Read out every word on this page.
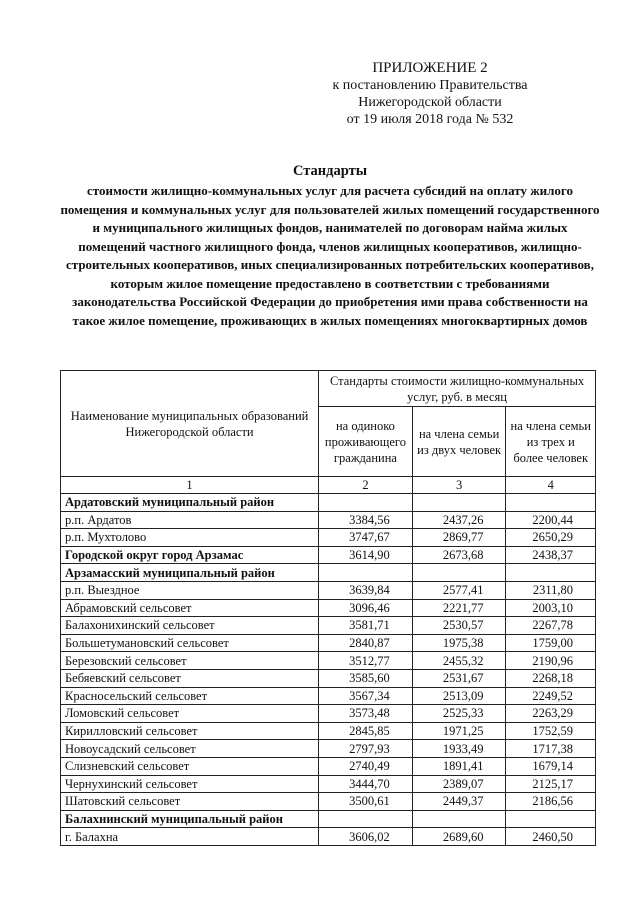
ПРИЛОЖЕНИЕ 2
к постановлению Правительства
Нижегородской области
от 19 июля 2018 года № 532
Стандарты
стоимости жилищно-коммунальных услуг для расчета субсидий на оплату жилого помещения и коммунальных услуг для пользователей жилых помещений государственного и муниципального жилищных фондов, нанимателей по договорам найма жилых помещений частного жилищного фонда, членов жилищных кооперативов, жилищно-строительных кооперативов, иных специализированных потребительских кооперативов, которым жилое помещение предоставлено в соответствии с требованиями законодательства Российской Федерации до приобретения ими права собственности на такое жилое помещение, проживающих в жилых помещениях многоквартирных домов
Наименование муниципальных образований Нижегородской области	Стандарты стоимости жилищно-коммунальных услуг, руб. в месяц		
	на одиноко проживающего гражданина	на члена семьи из двух человек	на члена семьи из трех и более человек
1	2	3	4
Ардатовский муниципальный район			
р.п. Ардатов	3384,56	2437,26	2200,44
р.п. Мухтолово	3747,67	2869,77	2650,29
Городской округ город Арзамас	3614,90	2673,68	2438,37
Арзамасский муниципальный район			
р.п. Выездное	3639,84	2577,41	2311,80
Абрамовский сельсовет	3096,46	2221,77	2003,10
Балахонихинский сельсовет	3581,71	2530,57	2267,78
Большетумановский сельсовет	2840,87	1975,38	1759,00
Березовский сельсовет	3512,77	2455,32	2190,96
Бебяевский сельсовет	3585,60	2531,67	2268,18
Красносельский сельсовет	3567,34	2513,09	2249,52
Ломовский сельсовет	3573,48	2525,33	2263,29
Кирилловский сельсовет	2845,85	1971,25	1752,59
Новоусадский сельсовет	2797,93	1933,49	1717,38
Слизневский сельсовет	2740,49	1891,41	1679,14
Чернухинский сельсовет	3444,70	2389,07	2125,17
Шатовский сельсовет	3500,61	2449,37	2186,56
Балахнинский муниципальный район			
г. Балахна	3606,02	2689,60	2460,50
